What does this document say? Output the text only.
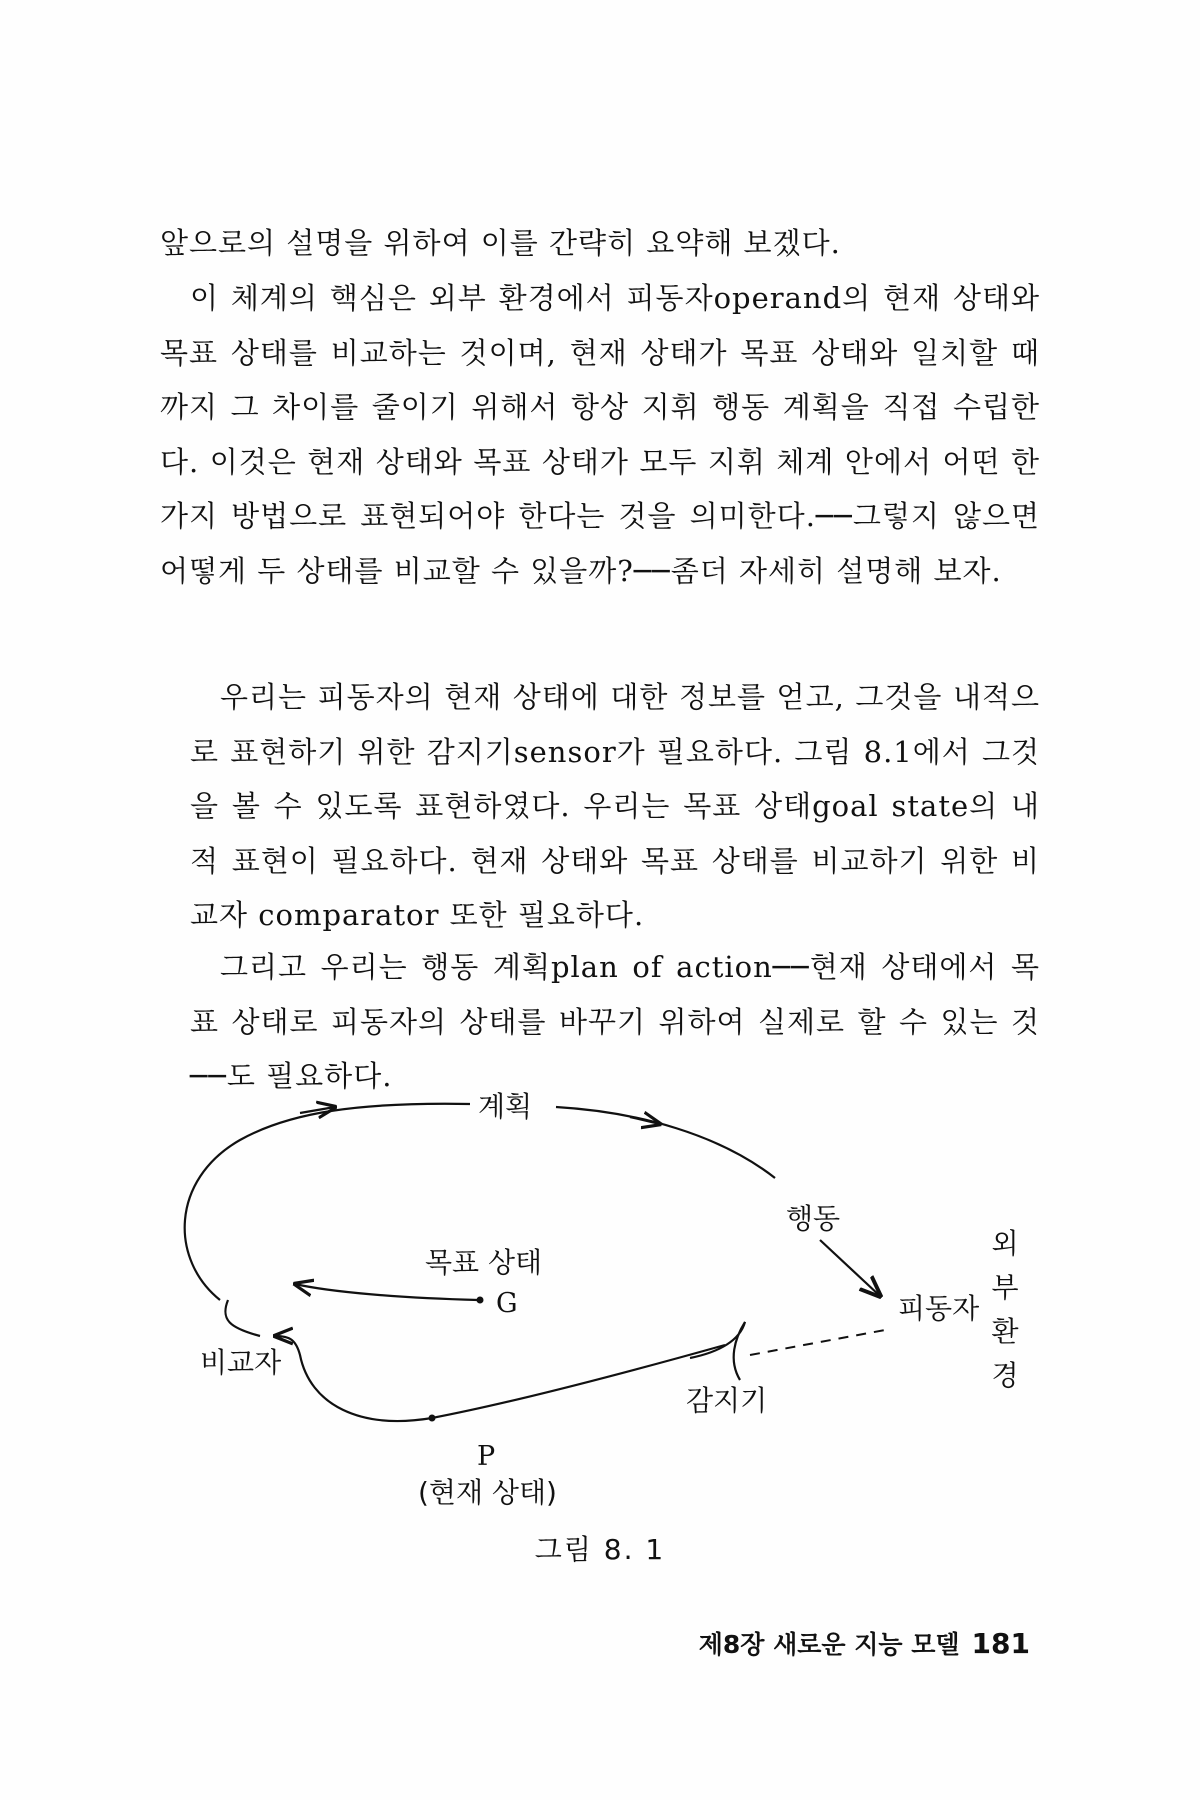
앞으로의 설명을 위하여 이를 간략히 요약해 보겠다.

이 체계의 핵심은 외부 환경에서 피동자operand의 현재 상태와 목표 상태를 비교하는 것이며, 현재 상태가 목표 상태와 일치할 때까지 그 차이를 줄이기 위해서 항상 지휘 행동 계획을 직접 수립한다. 이것은 현재 상태와 목표 상태가 모두 지휘 체계 안에서 어떤 한 가지 방법으로 표현되어야 한다는 것을 의미한다.──그렇지 않으면 어떻게 두 상태를 비교할 수 있을까?──좀더 자세히 설명해 보자.

우리는 피동자의 현재 상태에 대한 정보를 얻고, 그것을 내적으로 표현하기 위한 감지기sensor가 필요하다. 그림 8.1에서 그것을 볼 수 있도록 표현하였다. 우리는 목표 상태goal state의 내적 표현이 필요하다. 현재 상태와 목표 상태를 비교하기 위한 비교자 comparator 또한 필요하다.

그리고 우리는 행동 계획plan of action──현재 상태에서 목표 상태로 피동자의 상태를 바꾸기 위하여 실제로 할 수 있는 것──도 필요하다.

계획
행동
목표 상태
G	피동자
감지기
비교자
P
(현재 상태)
외부환경
그림 8. 1
제8장 새로운 지능 모델 181
